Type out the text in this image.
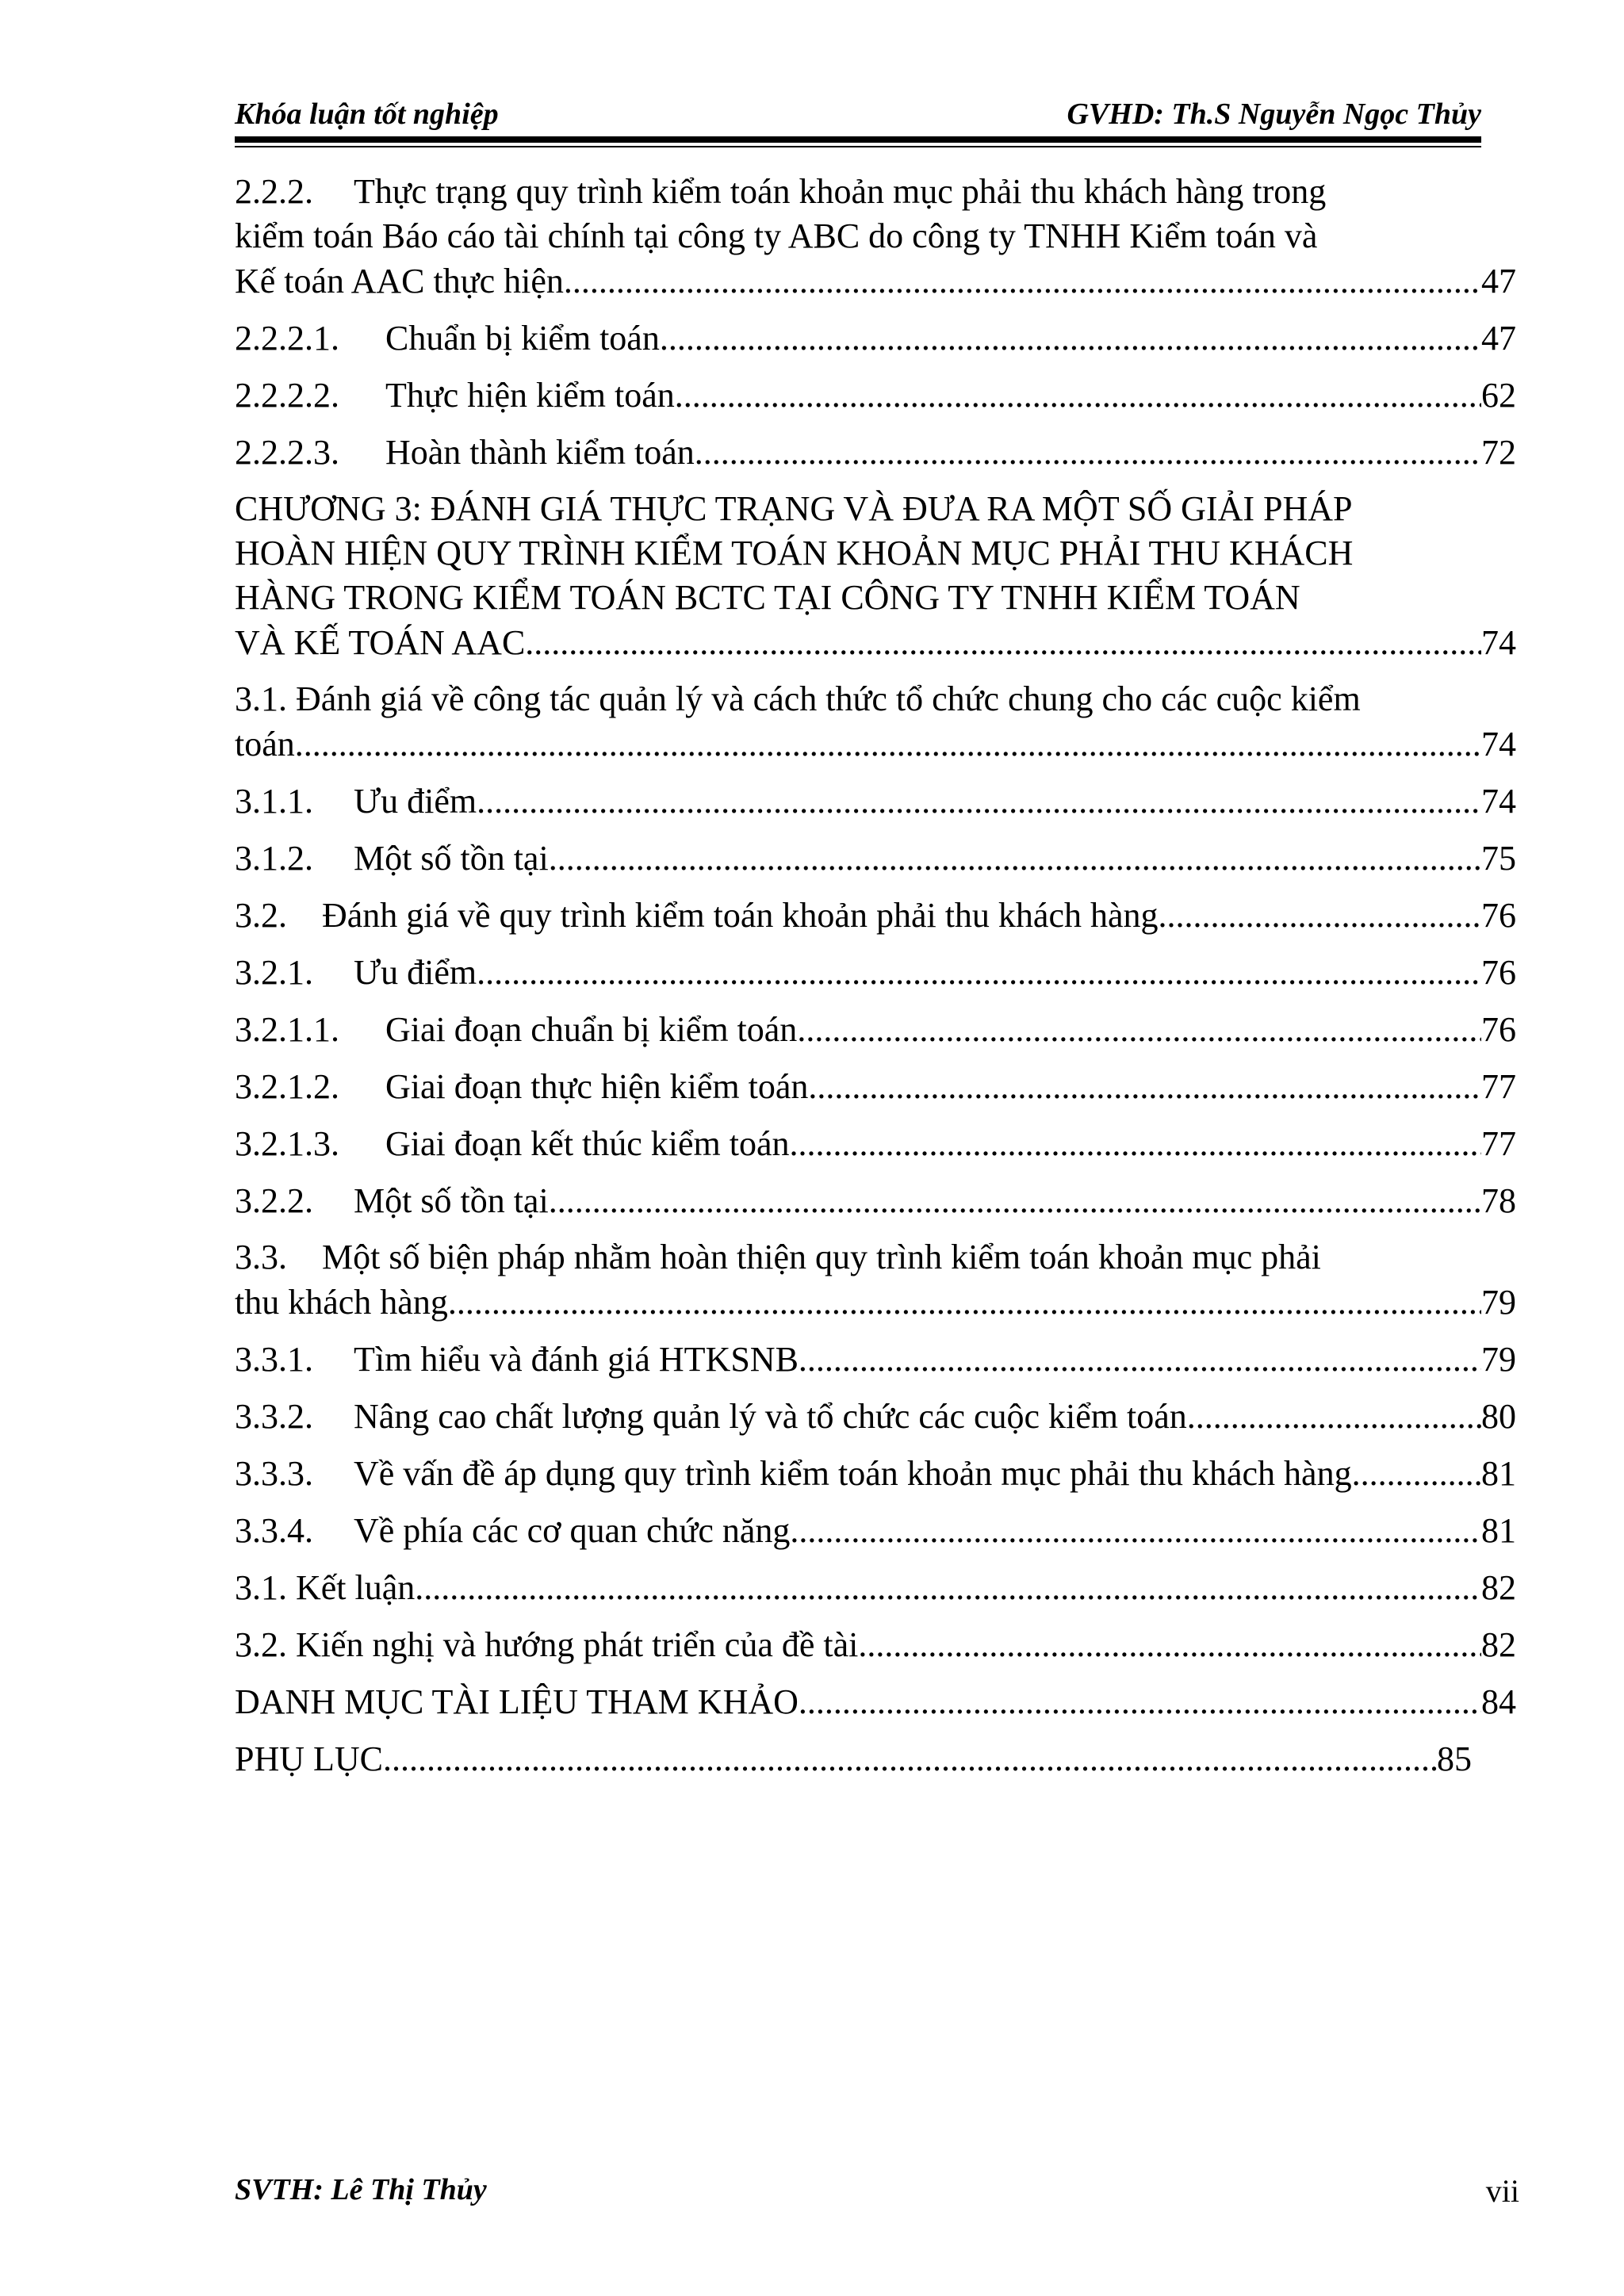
Khóa luận tốt nghiệp	GVHD: Th.S Nguyễn Ngọc Thủy
2.2.2. Thực trạng quy trình kiểm toán khoản mục phải thu khách hàng trong
kiểm toán Báo cáo tài chính tại công ty ABC do công ty TNHH Kiểm toán và
Kế toán AAC thực hiện .....	47
2.2.2.1. Chuẩn bị kiểm toán .....	47
2.2.2.2. Thực hiện kiểm toán .....	62
2.2.2.3. Hoàn thành kiểm toán .....	72
CHƯƠNG 3: ĐÁNH GIÁ THỰC TRẠNG VÀ ĐƯA RA MỘT SỐ GIẢI PHÁP
HOÀN HIỆN QUY TRÌNH KIỂM TOÁN KHOẢN MỤC PHẢI THU KHÁCH
HÀNG TRONG KIỂM TOÁN BCTC TẠI CÔNG TY TNHH KIỂM TOÁN
VÀ KẾ TOÁN AAC .....	74
3.1. Đánh giá về công tác quản lý và cách thức tổ chức chung cho các cuộc kiểm
toán .....	74
3.1.1. Ưu điểm .....	74
3.1.2. Một số tồn tại .....	75
3.2. Đánh giá về quy trình kiểm toán khoản phải thu khách hàng .....	76
3.2.1. Ưu điểm .....	76
3.2.1.1. Giai đoạn chuẩn bị kiểm toán .....	76
3.2.1.2. Giai đoạn thực hiện kiểm toán .....	77
3.2.1.3. Giai đoạn kết thúc kiểm toán .....	77
3.2.2. Một số tồn tại .....	78
3.3. Một số biện pháp nhằm hoàn thiện quy trình kiểm toán khoản mục phải
thu khách hàng .....	79
3.3.1. Tìm hiểu và đánh giá HTKSNB .....	79
3.3.2. Nâng cao chất lượng quản lý và tổ chức các cuộc kiểm toán .....	80
3.3.3. Về vấn đề áp dụng quy trình kiểm toán khoản mục phải thu khách hàng .....	81
3.3.4. Về phía các cơ quan chức năng .....	81
3.1. Kết luận .....	82
3.2. Kiến nghị và hướng phát triển của đề tài .....	82
DANH MỤC TÀI LIỆU THAM KHẢO .....	84
PHỤ LỤC. .....	85
SVTH: Lê Thị Thủy	vii
